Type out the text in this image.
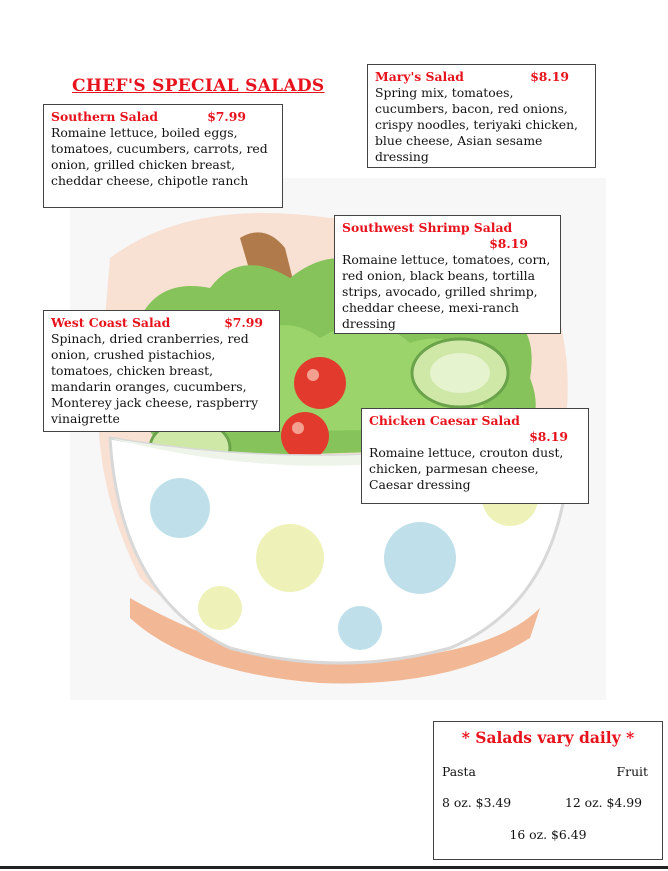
CHEF'S SPECIAL SALADS
Southern Salad	$7.99

Romaine lettuce, boiled eggs, tomatoes, cucumbers, carrots, red onion, grilled chicken breast, cheddar cheese, chipotle ranch

Mary's Salad	$8.19

Spring mix, tomatoes, cucumbers, bacon, red onions, crispy noodles, teriyaki chicken, blue cheese, Asian sesame dressing

Southwest Shrimp Salad
$8.19

Romaine lettuce, tomatoes, corn, red onion, black beans, tortilla strips, avocado, grilled shrimp, cheddar cheese, mexi-ranch dressing

West Coast Salad	$7.99

Spinach, dried cranberries, red onion, crushed pistachios, tomatoes, chicken breast, mandarin oranges, cucumbers, Monterey jack cheese, raspberry vinaigrette	Chicken Caesar Salad
$8.19

Romaine lettuce, crouton dust, chicken, parmesan cheese, Caesar dressing

* Salads vary daily *
Pasta	Fruit
8 oz. $3.49	12 oz. $4.99
16 oz. $6.49
